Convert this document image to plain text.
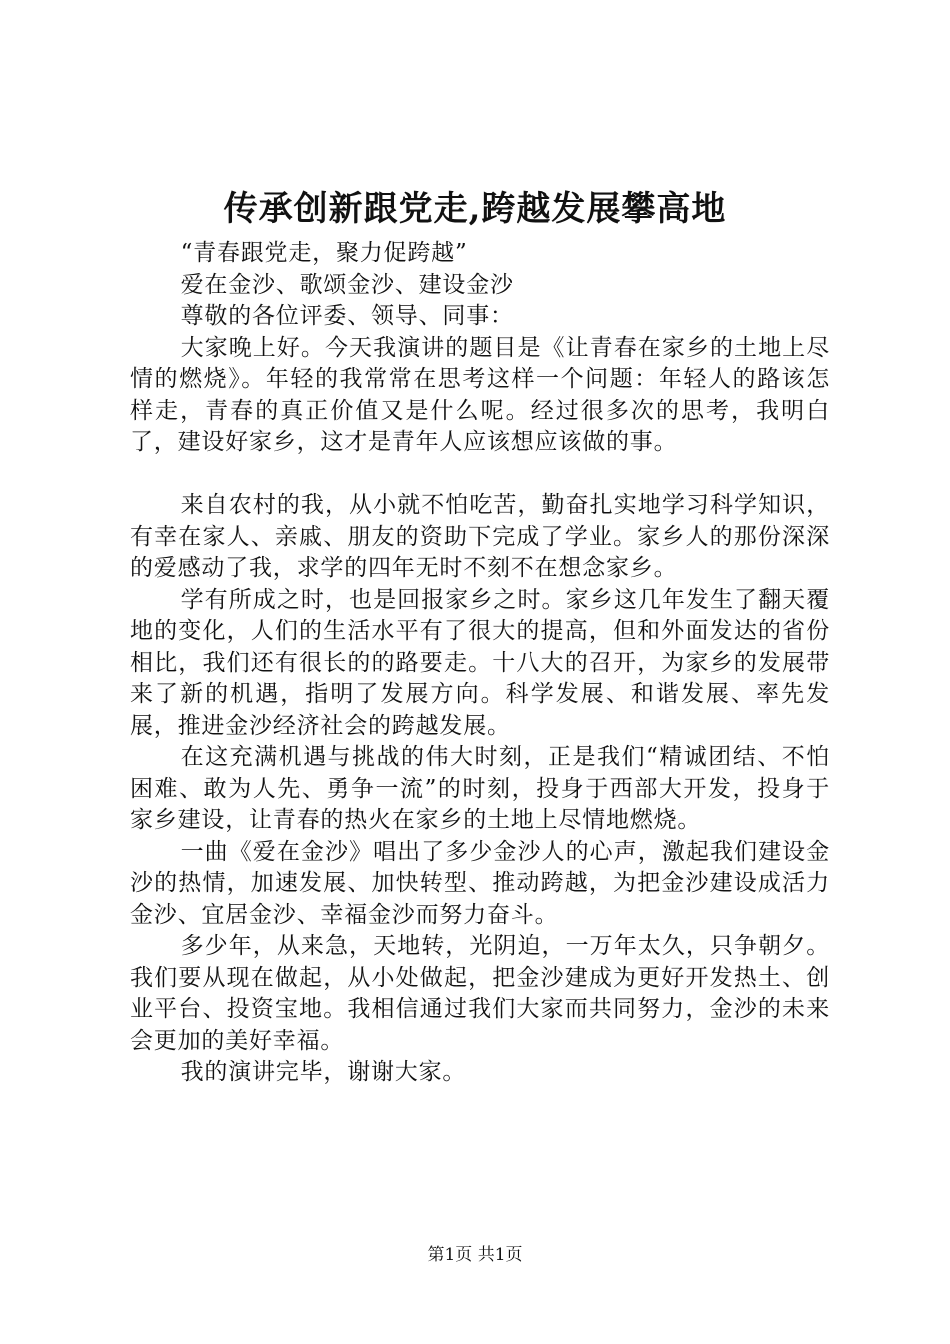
传承创新跟党走,跨越发展攀高地

“青春跟党走，聚力促跨越”

爱在金沙、歌颂金沙、建设金沙

尊敬的各位评委、领导、同事：

大家晚上好。今天我演讲的题目是《让青春在家乡的土地上尽情的燃烧》。年轻的我常常在思考这样一个问题：年轻人的路该怎样走，青春的真正价值又是什么呢。经过很多次的思考，我明白了，建设好家乡，这才是青年人应该想应该做的事。

来自农村的我，从小就不怕吃苦，勤奋扎实地学习科学知识，有幸在家人、亲戚、朋友的资助下完成了学业。家乡人的那份深深的爱感动了我，求学的四年无时不刻不在想念家乡。

学有所成之时，也是回报家乡之时。家乡这几年发生了翻天覆地的变化，人们的生活水平有了很大的提高，但和外面发达的省份相比，我们还有很长的的路要走。十八大的召开，为家乡的发展带来了新的机遇，指明了发展方向。科学发展、和谐发展、率先发展，推进金沙经济社会的跨越发展。

在这充满机遇与挑战的伟大时刻，正是我们“精诚团结、不怕困难、敢为人先、勇争一流”的时刻，投身于西部大开发，投身于家乡建设，让青春的热火在家乡的土地上尽情地燃烧。

一曲《爱在金沙》唱出了多少金沙人的心声，激起我们建设金沙的热情，加速发展、加快转型、推动跨越，为把金沙建设成活力金沙、宜居金沙、幸福金沙而努力奋斗。

多少年，从来急，天地转，光阴迫，一万年太久，只争朝夕。我们要从现在做起，从小处做起，把金沙建成为更好开发热土、创业平台、投资宝地。我相信通过我们大家而共同努力，金沙的未来会更加的美好幸福。

我的演讲完毕，谢谢大家。

第1页 共1页
